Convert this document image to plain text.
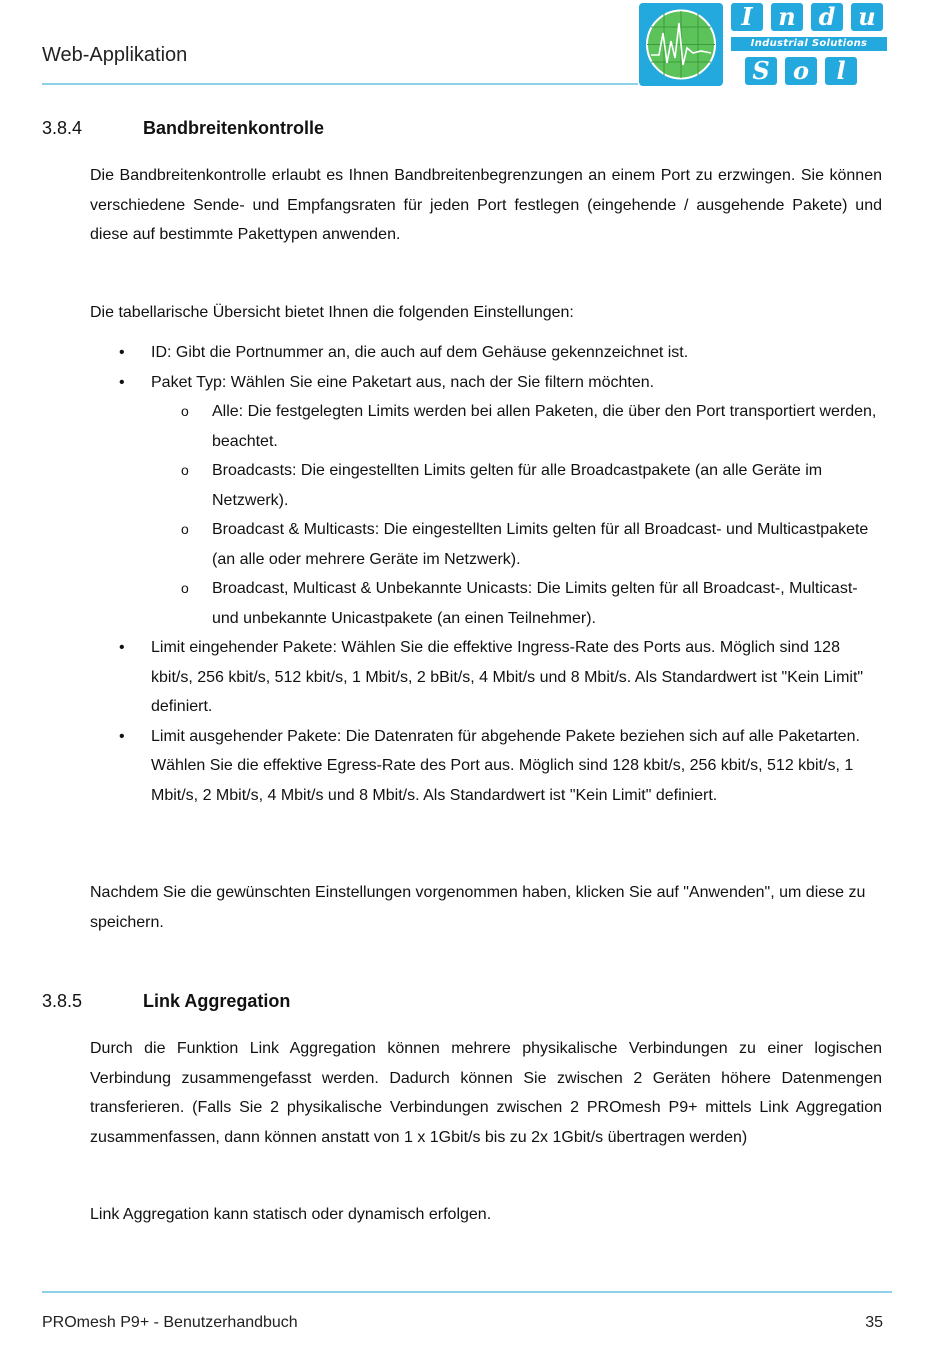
Web-Applikation
I	n d u
Industrial Solutions
S o	l
3.8.4	Bandbreitenkontrolle

Die Bandbreitenkontrolle erlaubt es Ihnen Bandbreitenbegrenzungen an einem Port zu erzwingen. Sie können verschiedene Sende- und Empfangsraten für jeden Port festlegen (eingehende / ausgehende Pakete) und diese auf bestimmte Pakettypen anwenden.

Die tabellarische Übersicht bietet Ihnen die folgenden Einstellungen:

• ID: Gibt die Portnummer an, die auch auf dem Gehäuse gekennzeichnet ist.
• Paket Typ: Wählen Sie eine Paketart aus, nach der Sie filtern möchten.
o Alle: Die festgelegten Limits werden bei allen Paketen, die über den Port transportiert werden, beachtet.
o Broadcasts: Die eingestellten Limits gelten für alle Broadcastpakete (an alle Geräte im Netzwerk).
o Broadcast & Multicasts: Die eingestellten Limits gelten für all Broadcast- und Multicastpakete (an alle oder mehrere Geräte im Netzwerk).
o Broadcast, Multicast & Unbekannte Unicasts: Die Limits gelten für all Broadcast-, Multicast- und unbekannte Unicastpakete (an einen Teilnehmer).
• Limit eingehender Pakete: Wählen Sie die effektive Ingress-Rate des Ports aus. Möglich sind 128 kbit/s, 256 kbit/s, 512 kbit/s, 1 Mbit/s, 2 bBit/s, 4 Mbit/s und 8 Mbit/s. Als Standardwert ist "Kein Limit" definiert.
• Limit ausgehender Pakete: Die Datenraten für abgehende Pakete beziehen sich auf alle Paketarten. Wählen Sie die effektive Egress-Rate des Port aus. Möglich sind 128 kbit/s, 256 kbit/s, 512 kbit/s, 1 Mbit/s, 2 Mbit/s, 4 Mbit/s und 8 Mbit/s. Als Standardwert ist "Kein Limit" definiert.

Nachdem Sie die gewünschten Einstellungen vorgenommen haben, klicken Sie auf "Anwenden", um diese zu speichern.

3.8.5	Link Aggregation

Durch die Funktion Link Aggregation können mehrere physikalische Verbindungen zu einer logischen Verbindung zusammengefasst werden. Dadurch können Sie zwischen 2 Geräten höhere Datenmengen transferieren. (Falls Sie 2 physikalische Verbindungen zwischen 2 PROmesh P9+ mittels Link Aggregation zusammenfassen, dann können anstatt von 1 x 1Gbit/s bis zu 2x 1Gbit/s übertragen werden)

Link Aggregation kann statisch oder dynamisch erfolgen.

PROmesh P9+ - Benutzerhandbuch	35
